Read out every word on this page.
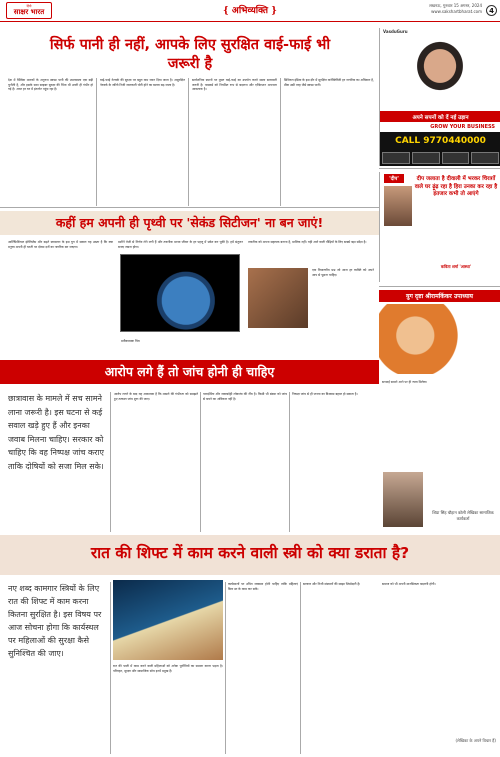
हिंदी
साक्षर भारत	{ अभिव्यक्ति }
लखनऊ, गुरुवार 15 अगस्त, 2024
www.sakshartbharat.com	4
सिर्फ पानी ही नहीं, आपके लिए सुरक्षित वाई-फाई भी जरूरी है
देश में वैश्विक मानकों के अनुरूप स्वच्छ पानी की उपलब्धता एक बड़ी चुनौती है, और इसके साथ साइबर सुरक्षा की चिंता भी उतनी ही गंभीर हो गई है। आज हर घर में इंटरनेट पहुंच रहा है।
वाई-फाई नेटवर्क की सुरक्षा पर बहुत कम ध्यान दिया जाता है। असुरक्षित नेटवर्क के जरिये निजी जानकारी चोरी होने का खतरा बढ़ जाता है।
सार्वजनिक स्थानों पर मुफ्त वाई-फाई का उपयोग करते समय सावधानी जरूरी है। पासवर्ड को नियमित रूप से बदलना और एन्क्रिप्शन अपनाना आवश्यक है।
डिजिटल इंडिया के इस दौर में सुरक्षित कनेक्टिविटी हर नागरिक का अधिकार है, ठीक उसी तरह जैसे स्वच्छ पानी।
VasduGuru
अपने सपनों को दें नई उड़ान
GROW YOUR BUSINESS
CALL 9770440000
कहीं हम अपनी ही पृथ्वी पर 'सेकंड सिटीजन' ना बन जाएं!
आर्टिफिशियल इंटेलिजेंस और बढ़ते स्वचालन के इस युग में सवाल यह उठता है कि क्या मनुष्य अपनी ही धरती पर दोयम दर्जे का नागरिक बन जाएगा।
मशीनें तेजी से निर्णय लेने लगी हैं और तकनीक मानव जीवन के हर पहलू में प्रवेश कर चुकी है। हमें संतुलन बनाए रखना होगा।
प्रतीकात्मक चित्र
तकनीक को अपना सहायक बनाना है, मालिक नहीं। यही आने वाली पीढ़ियों के लिए सबसे बड़ा संदेश है।
एक विचारणीय प्रश्न जो आज हर व्यक्ति को अपने आप से पूछना चाहिए।
'दीप'	दीप जलाता है दीवाली में भरकर चिराग़ों वाले घर ढ़ूंढ़ रहा है हिरा उनका कर रहा है इंतजार कभी तो आएंगे
कविता शर्मा 'आस्था'
युग दृष्टा श्रीरामकिंकर उपाध्याय
आरोप लगे हैं तो जांच होनी ही चाहिए
छात्रावास के मामले में सच सामने लाना जरूरी है। इस घटना से कई सवाल खड़े हुए हैं और इनका जवाब मिलना चाहिए। सरकार को चाहिए कि वह निष्पक्ष जांच कराए ताकि दोषियों को सजा मिल सके।
आरोप लगने के बाद यह आवश्यक है कि मामले की गंभीरता को समझते हुए तत्काल जांच शुरू की जाए।
पारदर्शिता और जवाबदेही लोकतंत्र की नींव है। किसी भी संस्था को जांच से बचने का अधिकार नहीं है।
निष्पक्ष जांच से ही जनता का विश्वास बहाल हो सकता है।
सच्चाई सामने आने पर ही न्याय मिलेगा।
शिप्रा सिंह चौहान कोली लेखिका सामाजिक कार्यकर्ता
रात की शिफ्ट में काम करने वाली स्त्री को क्या डराता है?
नए शब्द कामगार स्त्रियों के लिए रात की शिफ्ट में काम करना कितना सुरक्षित है। इस विषय पर आज सोचना होगा कि कार्यस्थल पर महिलाओं की सुरक्षा कैसे सुनिश्चित की जाए।
रात की पाली में काम करने वाली महिलाओं को अनेक चुनौतियों का सामना करना पड़ता है। परिवहन, सुरक्षा और सामाजिक सोच इनमें प्रमुख हैं।
कार्यस्थलों पर उचित व्यवस्था होनी चाहिए ताकि महिलाएं बिना डर के काम कर सकें।
सरकार और निजी संस्थानों की साझा जिम्मेदारी है।	समाज को भी अपनी मानसिकता बदलनी होगी।
(लेखिका के अपने विचार हैं)
